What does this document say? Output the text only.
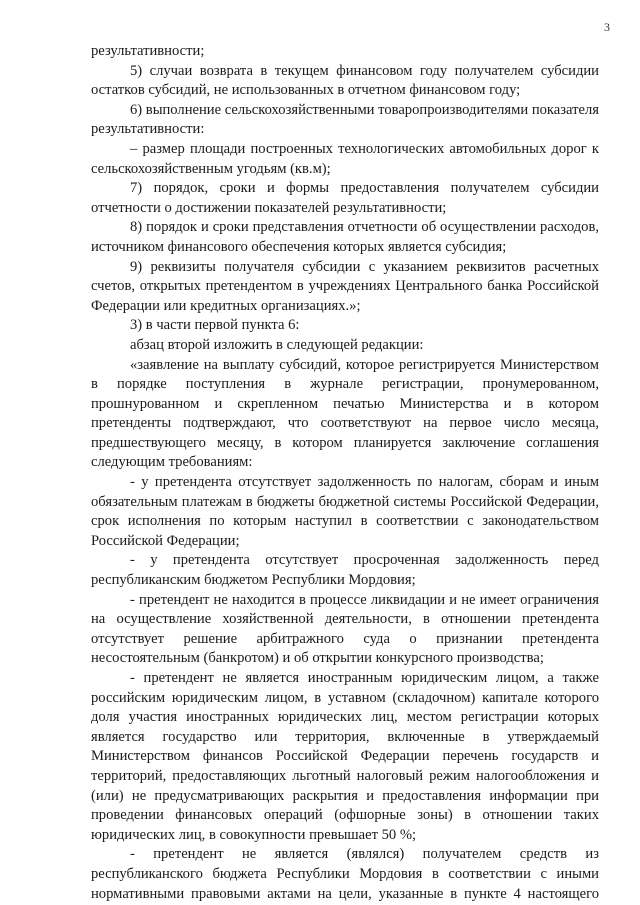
3

результативности;

5) случаи возврата в текущем финансовом году получателем субсидии остатков субсидий, не использованных в отчетном финансовом году;

6) выполнение сельскохозяйственными товаропроизводителями показателя результативности:

– размер площади построенных технологических автомобильных дорог к сельскохозяйственным угодьям (кв.м);

7) порядок, сроки и формы предоставления получателем субсидии отчетности о достижении показателей результативности;

8) порядок и сроки представления отчетности об осуществлении расходов, источником финансового обеспечения которых является субсидия;

9) реквизиты получателя субсидии с указанием реквизитов расчетных счетов, открытых претендентом в учреждениях Центрального банка Российской Федерации или кредитных организациях.»;

3) в части первой пункта 6:

абзац второй изложить в следующей редакции:

«заявление на выплату субсидий, которое регистрируется Министерством в порядке поступления в журнале регистрации, пронумерованном, прошнурованном и скрепленном печатью Министерства и в котором претенденты подтверждают, что соответствуют на первое число месяца, предшествующего месяцу, в котором планируется заключение соглашения следующим требованиям:

- у претендента отсутствует задолженность по налогам, сборам и иным обязательным платежам в бюджеты бюджетной системы Российской Федерации, срок исполнения по которым наступил в соответствии с законодательством Российской Федерации;

- у претендента отсутствует просроченная задолженность перед республиканским бюджетом Республики Мордовия;

- претендент не находится в процессе ликвидации и не имеет ограничения на осуществление хозяйственной деятельности, в отношении претендента отсутствует решение арбитражного суда о признании претендента несостоятельным (банкротом) и об открытии конкурсного производства;

- претендент не является иностранным юридическим лицом, а также российским юридическим лицом, в уставном (складочном) капитале которого доля участия иностранных юридических лиц, местом регистрации которых является государство или территория, включенные в утверждаемый Министерством финансов Российской Федерации перечень государств и территорий, предоставляющих льготный налоговый режим налогообложения и (или) не предусматривающих раскрытия и предоставления информации при проведении финансовых операций (офшорные зоны) в отношении таких юридических лиц, в совокупности превышает 50 %;

- претендент не является (являлся) получателем средств из республиканского бюджета Республики Мордовия в соответствии с иными нормативными правовыми актами на цели, указанные в пункте 4 настоящего
